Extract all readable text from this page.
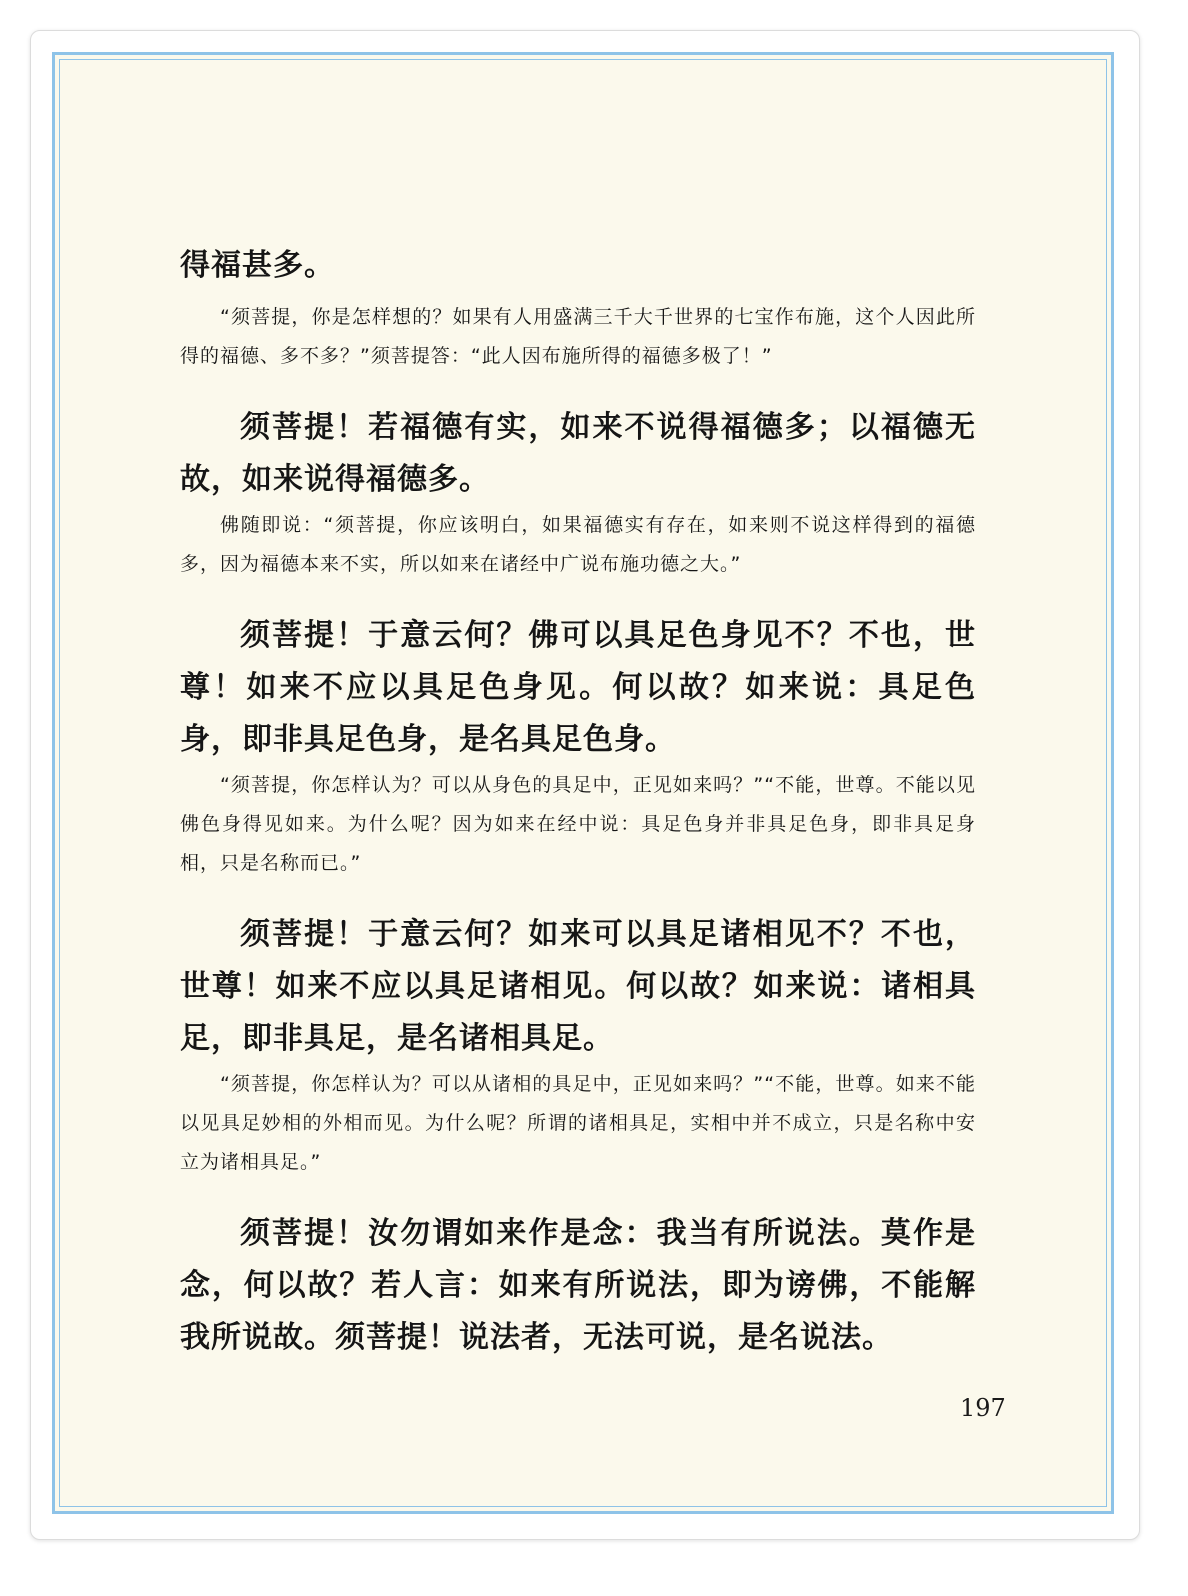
得福甚多。

“须菩提，你是怎样想的？如果有人用盛满三千大千世界的七宝作布施，这个人因此所得的福德、多不多？”须菩提答：“此人因布施所得的福德多极了！”

须菩提！若福德有实，如来不说得福德多；以福德无故，如来说得福德多。

佛随即说：“须菩提，你应该明白，如果福德实有存在，如来则不说这样得到的福德多，因为福德本来不实，所以如来在诸经中广说布施功德之大。”

须菩提！于意云何？佛可以具足色身见不？不也，世尊！如来不应以具足色身见。何以故？如来说：具足色身，即非具足色身，是名具足色身。

“须菩提，你怎样认为？可以从身色的具足中，正见如来吗？”“不能，世尊。不能以见佛色身得见如来。为什么呢？因为如来在经中说：具足色身并非具足色身，即非具足身相，只是名称而已。”

须菩提！于意云何？如来可以具足诸相见不？不也，世尊！如来不应以具足诸相见。何以故？如来说：诸相具足，即非具足，是名诸相具足。

“须菩提，你怎样认为？可以从诸相的具足中，正见如来吗？”“不能，世尊。如来不能以见具足妙相的外相而见。为什么呢？所谓的诸相具足，实相中并不成立，只是名称中安立为诸相具足。”

须菩提！汝勿谓如来作是念：我当有所说法。莫作是念，何以故？若人言：如来有所说法，即为谤佛，不能解我所说故。须菩提！说法者，无法可说，是名说法。

197
